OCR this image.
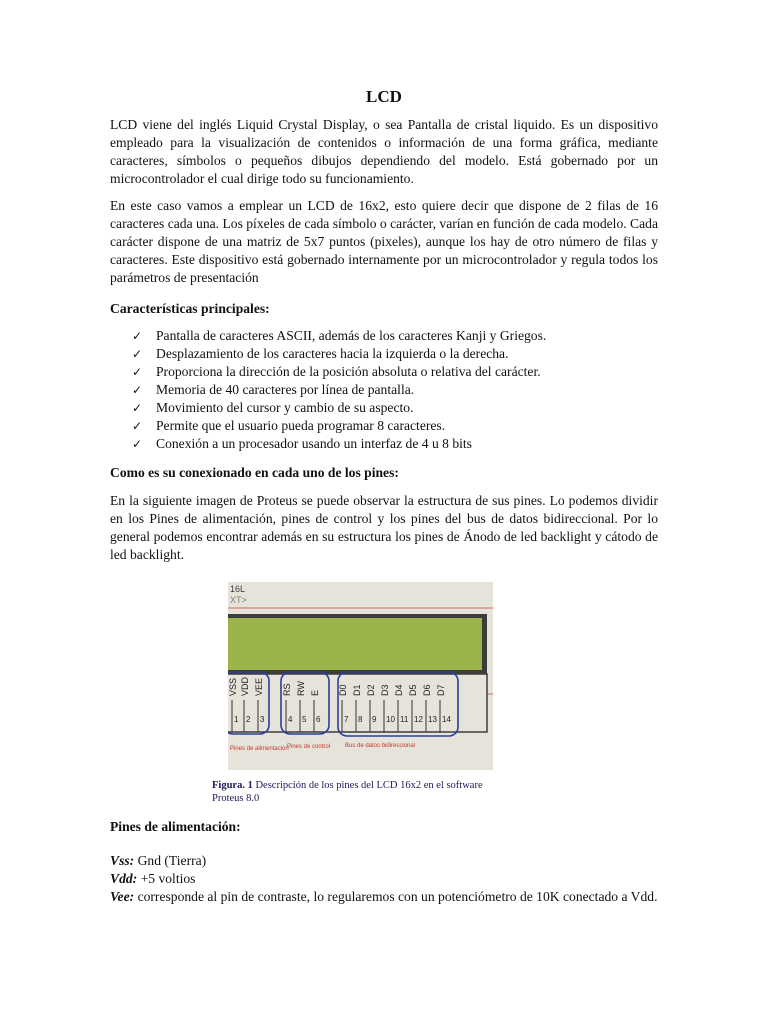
LCD

LCD viene del inglés Liquid Crystal Display, o sea Pantalla de cristal liquido. Es un dispositivo empleado para la visualización de contenidos o información de una forma gráfica, mediante caracteres, símbolos o pequeños dibujos dependiendo del modelo. Está gobernado por un microcontrolador el cual dirige todo su funcionamiento.

En este caso vamos a emplear un LCD de 16x2, esto quiere decir que dispone de 2 filas de 16 caracteres cada una. Los píxeles de cada símbolo o carácter, varían en función de cada modelo. Cada carácter dispone de una matriz de 5x7 puntos (pixeles), aunque los hay de otro número de filas y caracteres. Este dispositivo está gobernado internamente por un microcontrolador y regula todos los parámetros de presentación

Características principales:
✓ Pantalla de caracteres ASCII, además de los caracteres Kanji y Griegos.
✓ Desplazamiento de los caracteres hacia la izquierda o la derecha.
✓ Proporciona la dirección de la posición absoluta o relativa del carácter.
✓ Memoria de 40 caracteres por línea de pantalla.
✓ Movimiento del cursor y cambio de su aspecto.
✓ Permite que el usuario pueda programar 8 caracteres.
✓ Conexión a un procesador usando un interfaz de 4 u 8 bits
Como es su conexionado en cada uno de los pines:

En la siguiente imagen de Proteus se puede observar la estructura de sus pines. Lo podemos dividir en los Pines de alimentación, pines de control y los pines del bus de datos bidireccional. Por lo general podemos encontrar además en su estructura los pines de Ánodo de led backlight y cátodo de led backlight.

16L
XT>
VSS
1
VDD
2
VEE
3
RS
4
RW
5
E
6
D0
7
D1
8
D2
9
D3
10
D4
11
D5
12
D6
13
D7
14
Pines de alimentación
Pines de control Bus de datos bidireccional

Figura. 1 Descripción de los pines del LCD 16x2 en el software Proteus 8.0

Pines de alimentación:

Vss: Gnd (Tierra)

Vdd: +5 voltios

Vee: corresponde al pin de contraste, lo regularemos con un potenciómetro de 10K conectado a Vdd.
